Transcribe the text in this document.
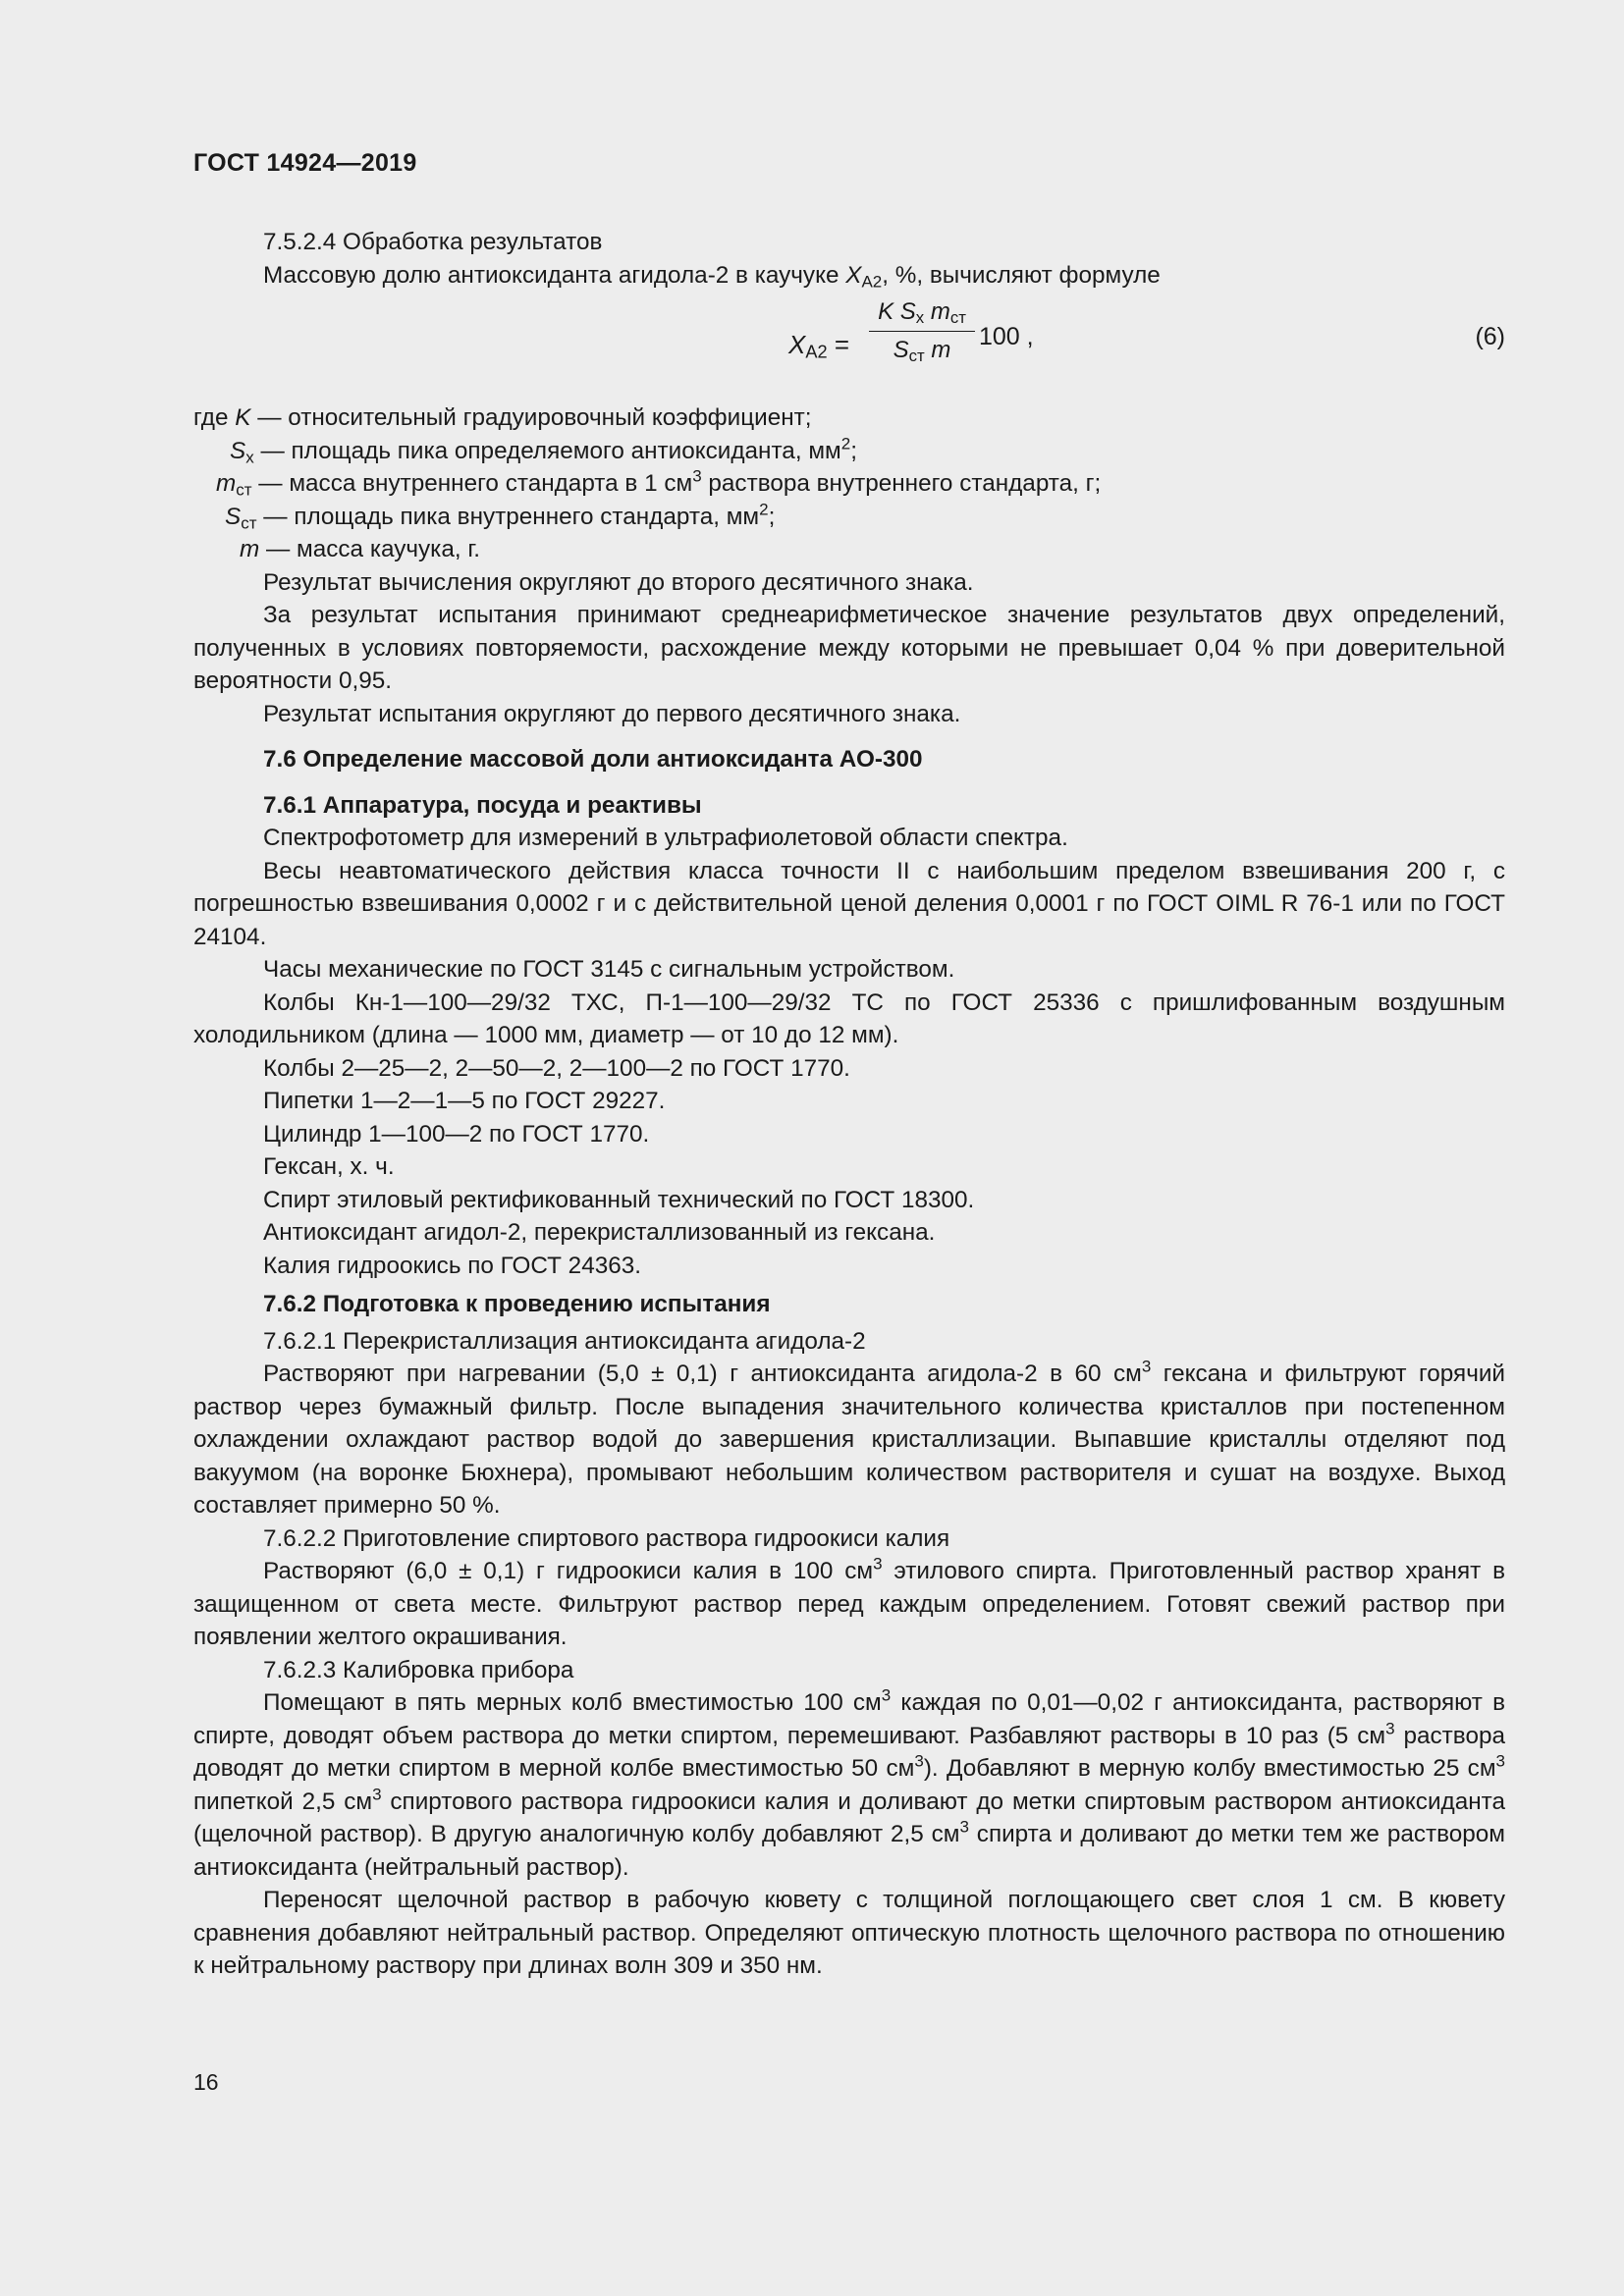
ГОСТ 14924—2019

7.5.2.4 Обработка результатов

Массовую долю антиоксиданта агидола-2 в каучуке $X_{A2}$, %, вычисляют формуле

$X_{A2}$ =
K $S_x$ $m_{ст}$
$S_{ст}$ m	100 ,	(6)

где K — относительный градуировочный коэффициент;

$S_x$ — площадь пика определяемого антиоксиданта, $мм^2$;

$m_{ст}$ — масса внутреннего стандарта в 1 $см^3$ раствора внутреннего стандарта, г;

$S_{ст}$ — площадь пика внутреннего стандарта, $мм^2$;

m — масса каучука, г.

Результат вычисления округляют до второго десятичного знака.

За результат испытания принимают среднеарифметическое значение результатов двух определений, полученных в условиях повторяемости, расхождение между которыми не превышает 0,04 % при доверительной вероятности 0,95.

Результат испытания округляют до первого десятичного знака.

7.6 Определение массовой доли антиоксиданта АО-300

7.6.1 Аппаратура, посуда и реактивы

Спектрофотометр для измерений в ультрафиолетовой области спектра.

Весы неавтоматического действия класса точности II с наибольшим пределом взвешивания 200 г, с погрешностью взвешивания 0,0002 г и с действительной ценой деления 0,0001 г по ГОСТ OIML R 76-1 или по ГОСТ 24104.

Часы механические по ГОСТ 3145 с сигнальным устройством.

Колбы Кн-1—100—29/32 ТХС, П-1—100—29/32 ТС по ГОСТ 25336 с пришлифованным воздушным холодильником (длина — 1000 мм, диаметр — от 10 до 12 мм).

Колбы 2—25—2, 2—50—2, 2—100—2 по ГОСТ 1770.

Пипетки 1—2—1—5 по ГОСТ 29227.

Цилиндр 1—100—2 по ГОСТ 1770.

Гексан, х. ч.

Спирт этиловый ректификованный технический по ГОСТ 18300.

Антиоксидант агидол-2, перекристаллизованный из гексана.

Калия гидроокись по ГОСТ 24363.

7.6.2 Подготовка к проведению испытания

7.6.2.1 Перекристаллизация антиоксиданта агидола-2

Растворяют при нагревании (5,0 ± 0,1) г антиоксиданта агидола-2 в 60 $см^3$ гексана и фильтруют горячий раствор через бумажный фильтр. После выпадения значительного количества кристаллов при постепенном охлаждении охлаждают раствор водой до завершения кристаллизации. Выпавшие кристаллы отделяют под вакуумом (на воронке Бюхнера), промывают небольшим количеством растворителя и сушат на воздухе. Выход составляет примерно 50 %.

7.6.2.2 Приготовление спиртового раствора гидроокиси калия

Растворяют (6,0 ± 0,1) г гидроокиси калия в 100 $см^3$ этилового спирта. Приготовленный раствор хранят в защищенном от света месте. Фильтруют раствор перед каждым определением. Готовят свежий раствор при появлении желтого окрашивания.

7.6.2.3 Калибровка прибора

Помещают в пять мерных колб вместимостью 100 $см^3$ каждая по 0,01—0,02 г антиоксиданта, растворяют в спирте, доводят объем раствора до метки спиртом, перемешивают. Разбавляют растворы в 10 раз (5 $см^3$ раствора доводят до метки спиртом в мерной колбе вместимостью 50 $см^3$). Добавляют в мерную колбу вместимостью 25 $см^3$ пипеткой 2,5 $см^3$ спиртового раствора гидроокиси калия и доливают до метки спиртовым раствором антиоксиданта (щелочной раствор). В другую аналогичную колбу добавляют 2,5 $см^3$ спирта и доливают до метки тем же раствором антиоксиданта (нейтральный раствор).

Переносят щелочной раствор в рабочую кювету с толщиной поглощающего свет слоя 1 см. В кювету сравнения добавляют нейтральный раствор. Определяют оптическую плотность щелочного раствора по отношению к нейтральному раствору при длинах волн 309 и 350 нм.

16
